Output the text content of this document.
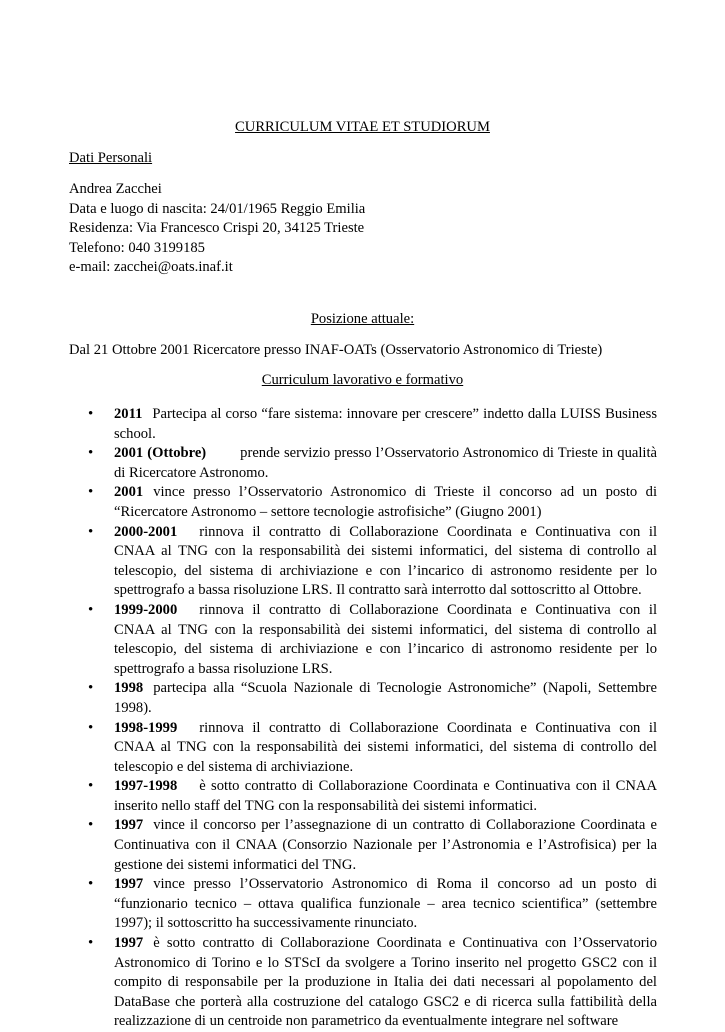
CURRICULUM VITAE ET STUDIORUM
Dati Personali
Andrea Zacchei
Data e luogo di nascita: 24/01/1965 Reggio Emilia
Residenza: Via Francesco Crispi 20, 34125 Trieste
Telefono: 040 3199185
e-mail: zacchei@oats.inaf.it
Posizione attuale:
Dal 21 Ottobre 2001 Ricercatore presso INAF-OATs (Osservatorio Astronomico di Trieste)
Curriculum lavorativo e formativo
• 2011 Partecipa al corso “fare sistema: innovare per crescere” indetto dalla LUISS Business school.
• 2001 (Ottobre) prende servizio presso l’Osservatorio Astronomico di Trieste in qualità di Ricercatore Astronomo.
• 2001 vince presso l’Osservatorio Astronomico di Trieste il concorso ad un posto di “Ricercatore Astronomo – settore tecnologie astrofisiche” (Giugno 2001)
• 2000-2001 rinnova il contratto di Collaborazione Coordinata e Continuativa con il CNAA al TNG con la responsabilità dei sistemi informatici, del sistema di controllo al telescopio, del sistema di archiviazione e con l’incarico di astronomo residente per lo spettrografo a bassa risoluzione LRS. Il contratto sarà interrotto dal sottoscritto al Ottobre.
• 1999-2000 rinnova il contratto di Collaborazione Coordinata e Continuativa con il CNAA al TNG con la responsabilità dei sistemi informatici, del sistema di controllo al telescopio, del sistema di archiviazione e con l’incarico di astronomo residente per lo spettrografo a bassa risoluzione LRS.
• 1998 partecipa alla “Scuola Nazionale di Tecnologie Astronomiche” (Napoli, Settembre 1998).
• 1998-1999 rinnova il contratto di Collaborazione Coordinata e Continuativa con il CNAA al TNG con la responsabilità dei sistemi informatici, del sistema di controllo del telescopio e del sistema di archiviazione.
• 1997-1998 è sotto contratto di Collaborazione Coordinata e Continuativa con il CNAA inserito nello staff del TNG con la responsabilità dei sistemi informatici.
• 1997 vince il concorso per l’assegnazione di un contratto di Collaborazione Coordinata e Continuativa con il CNAA (Consorzio Nazionale per l’Astronomia e l’Astrofisica) per la gestione dei sistemi informatici del TNG.
• 1997 vince presso l’Osservatorio Astronomico di Roma il concorso ad un posto di “funzionario tecnico – ottava qualifica funzionale – area tecnico scientifica” (settembre 1997); il sottoscritto ha successivamente rinunciato.
• 1997 è sotto contratto di Collaborazione Coordinata e Continuativa con l’Osservatorio Astronomico di Torino e lo STScI da svolgere a Torino inserito nel progetto GSC2 con il compito di responsabile per la produzione in Italia dei dati necessari al popolamento del DataBase che porterà alla costruzione del catalogo GSC2 e di ricerca sulla fattibilità della realizzazione di un centroide non parametrico da eventualmente integrare nel software
